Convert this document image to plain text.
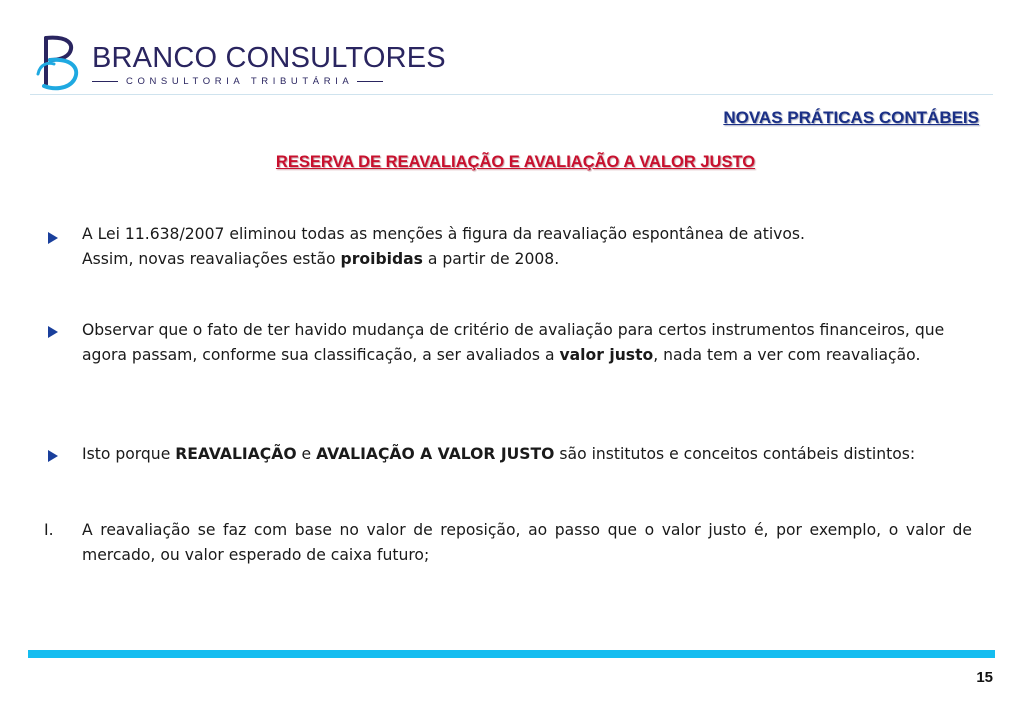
BRANCO CONSULTORES
CONSULTORIA TRIBUTÁRIA
NOVAS PRÁTICAS CONTÁBEIS
RESERVA DE REAVALIAÇÃO E AVALIAÇÃO A VALOR JUSTO
A Lei 11.638/2007 eliminou todas as menções à figura da reavaliação espontânea de ativos.
Assim, novas reavaliações estão proibidas a partir de 2008.
Observar que o fato de ter havido mudança de critério de avaliação para certos instrumentos financeiros, que agora passam, conforme sua classificação, a ser avaliados a valor justo, nada tem a ver com reavaliação.
Isto porque REAVALIAÇÃO e AVALIAÇÃO A VALOR JUSTO são institutos e conceitos contábeis distintos:
I. A reavaliação se faz com base no valor de reposição, ao passo que o valor justo é, por exemplo, o valor de mercado, ou valor esperado de caixa futuro;
15
